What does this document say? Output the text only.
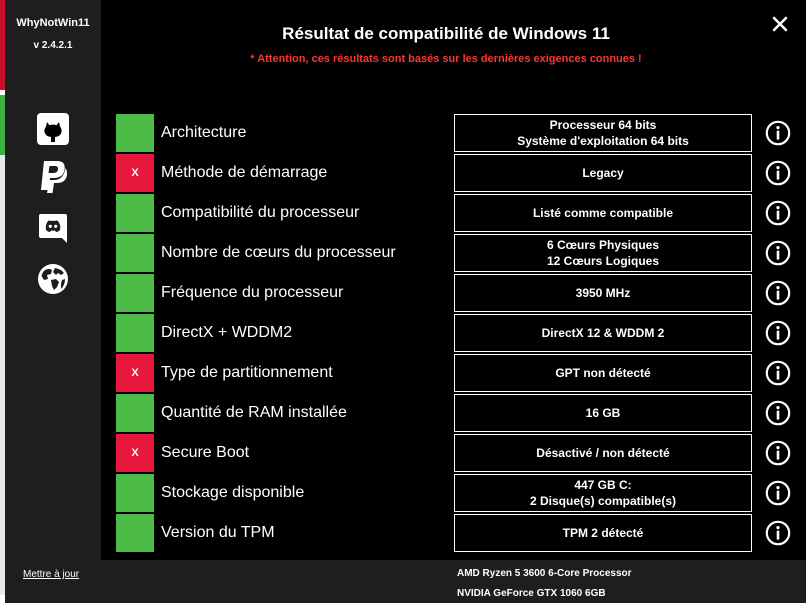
WhyNotWin11
v 2.4.2.1
Mettre à jour
Résultat de compatibilité de Windows 11
* Attention, ces résultats sont basés sur les dernières exigences connues !
Architecture	Processeur 64 bits
Système d'exploitation 64 bits
X	Méthode de démarrage	Legacy
Compatibilité du processeur	Listé comme compatible
Nombre de cœurs du processeur	6 Cœurs Physiques
12 Cœurs Logiques
Fréquence du processeur	3950 MHz
DirectX + WDDM2	DirectX 12 & WDDM 2
X	Type de partitionnement	GPT non détecté
Quantité de RAM installée	16 GB
X	Secure Boot	Désactivé / non détecté
Stockage disponible	447 GB C:
2 Disque(s) compatible(s)
Version du TPM	TPM 2 détecté
AMD Ryzen 5 3600 6-Core Processor
NVIDIA GeForce GTX 1060 6GB
